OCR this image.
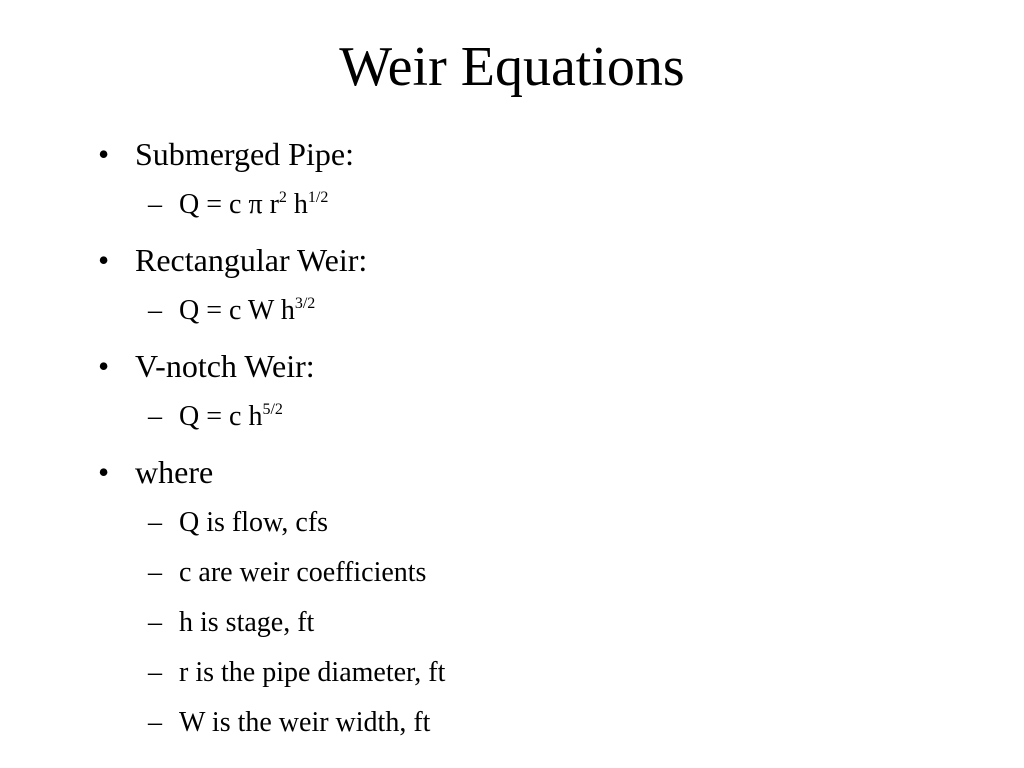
Weir Equations
• Submerged Pipe:
– Q = c π $r^2$ $h^{1/2}$
• Rectangular Weir:
– Q = c W $h^{3/2}$
• V-notch Weir:
– Q = c $h^{5/2}$
• where
– Q is flow, cfs
– c are weir coefficients
– h is stage, ft
– r is the pipe diameter, ft
– W is the weir width, ft
